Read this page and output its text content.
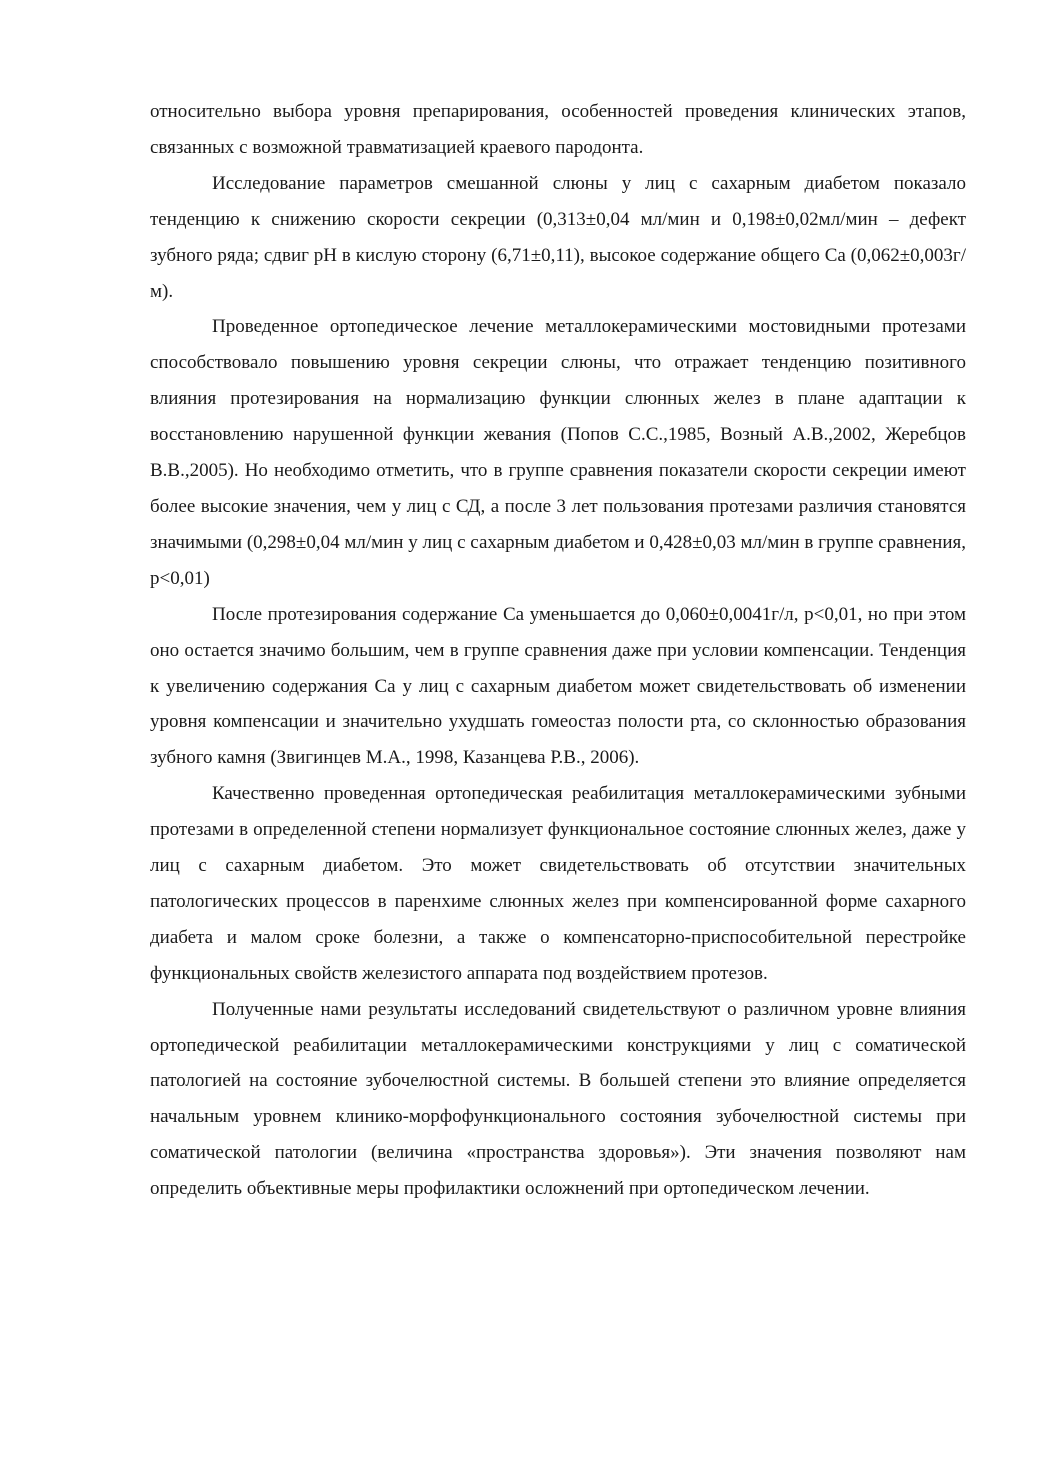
относительно выбора уровня препарирования, особенностей проведения клинических этапов, связанных с возможной травматизацией краевого пародонта.

Исследование параметров смешанной слюны у лиц с сахарным диабетом показало тенденцию к снижению скорости секреции (0,313±0,04 мл/мин и 0,198±0,02мл/мин – дефект зубного ряда; сдвиг рН в кислую сторону (6,71±0,11), высокое содержание общего Са (0,062±0,003г/м).

Проведенное ортопедическое лечение металлокерамическими мостовидными протезами способствовало повышению уровня секреции слюны, что отражает тенденцию позитивного влияния протезирования на нормализацию функции слюнных желез в плане адаптации к восстановлению нарушенной функции жевания (Попов С.С.,1985, Возный А.В.,2002, Жеребцов В.В.,2005). Но необходимо отметить, что в группе сравнения показатели скорости секреции имеют более высокие значения, чем у лиц с СД, а после 3 лет пользования протезами различия становятся значимыми (0,298±0,04 мл/мин у лиц с сахарным диабетом и 0,428±0,03 мл/мин в группе сравнения, р<0,01)

После протезирования содержание Са уменьшается до 0,060±0,0041г/л, р<0,01, но при этом оно остается значимо большим, чем в группе сравнения даже при условии компенсации. Тенденция к увеличению содержания Са у лиц с сахарным диабетом может свидетельствовать об изменении уровня компенсации и значительно ухудшать гомеостаз полости рта, со склонностью образования зубного камня (Звигинцев М.А., 1998, Казанцева Р.В., 2006).

Качественно проведенная ортопедическая реабилитация металлокерамическими зубными протезами в определенной степени нормализует функциональное состояние слюнных желез, даже у лиц с сахарным диабетом. Это может свидетельствовать об отсутствии значительных патологических процессов в паренхиме слюнных желез при компенсированной форме сахарного диабета и малом сроке болезни, а также о компенсаторно-приспособительной перестройке функциональных свойств железистого аппарата под воздействием протезов.

Полученные нами результаты исследований свидетельствуют о различном уровне влияния ортопедической реабилитации металлокерамическими конструкциями у лиц с соматической патологией на состояние зубочелюстной системы. В большей степени это влияние определяется начальным уровнем клинико-морфофункционального состояния зубочелюстной системы при соматической патологии (величина «пространства здоровья»). Эти значения позволяют нам определить объективные меры профилактики осложнений при ортопедическом лечении.
